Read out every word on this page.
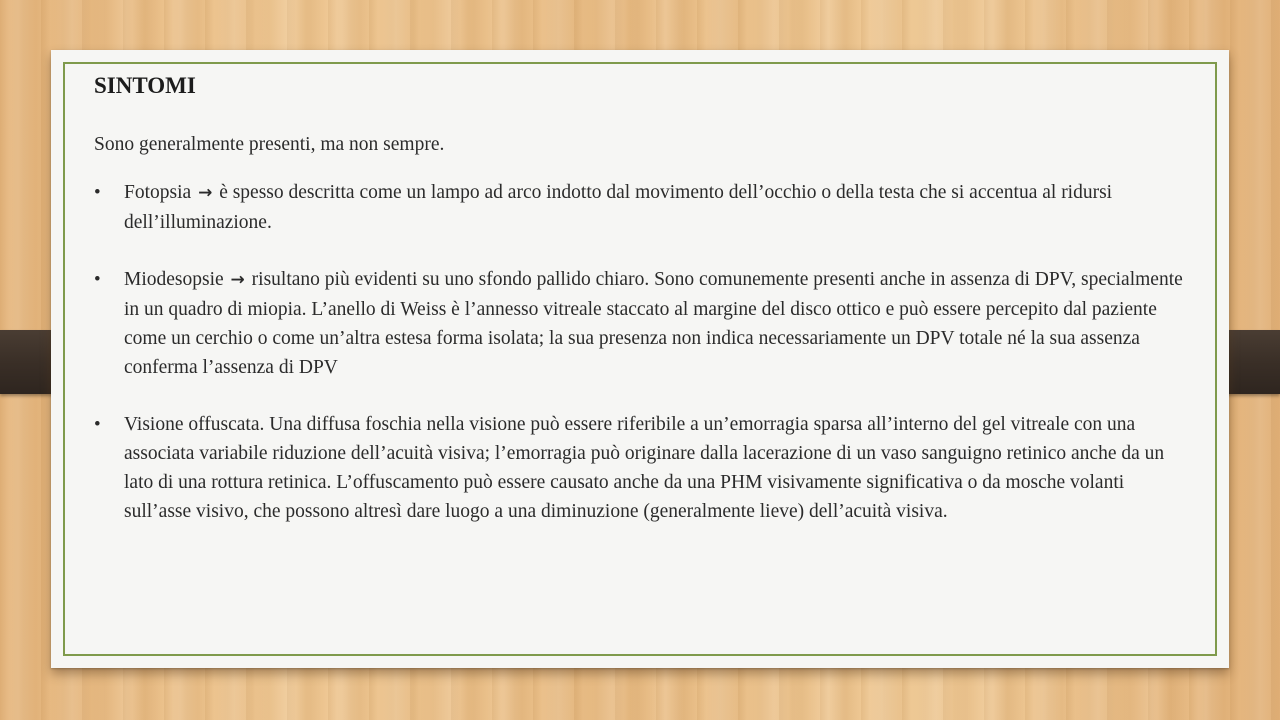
SINTOMI

Sono generalmente presenti, ma non sempre.

• Fotopsia → è spesso descritta come un lampo ad arco indotto dal movimento dell’occhio o della testa che si accentua al ridursi dell’illuminazione.
• Miodesopsie → risultano più evidenti su uno sfondo pallido chiaro. Sono comunemente presenti anche in assenza di DPV, specialmente in un quadro di miopia. L’anello di Weiss è l’annesso vitreale staccato al margine del disco ottico e può essere percepito dal paziente come un cerchio o come un’altra estesa forma isolata; la sua presenza non indica necessariamente un DPV totale né la sua assenza conferma l’assenza di DPV
• Visione offuscata. Una diffusa foschia nella visione può essere riferibile a un’emorragia sparsa all’interno del gel vitreale con una associata variabile riduzione dell’acuità visiva; l’emorragia può originare dalla lacerazione di un vaso sanguigno retinico anche da un lato di una rottura retinica. L’offuscamento può essere causato anche da una PHM visivamente significativa o da mosche volanti sull’asse visivo, che possono altresì dare luogo a una diminuzione (generalmente lieve) dell’acuità visiva.
